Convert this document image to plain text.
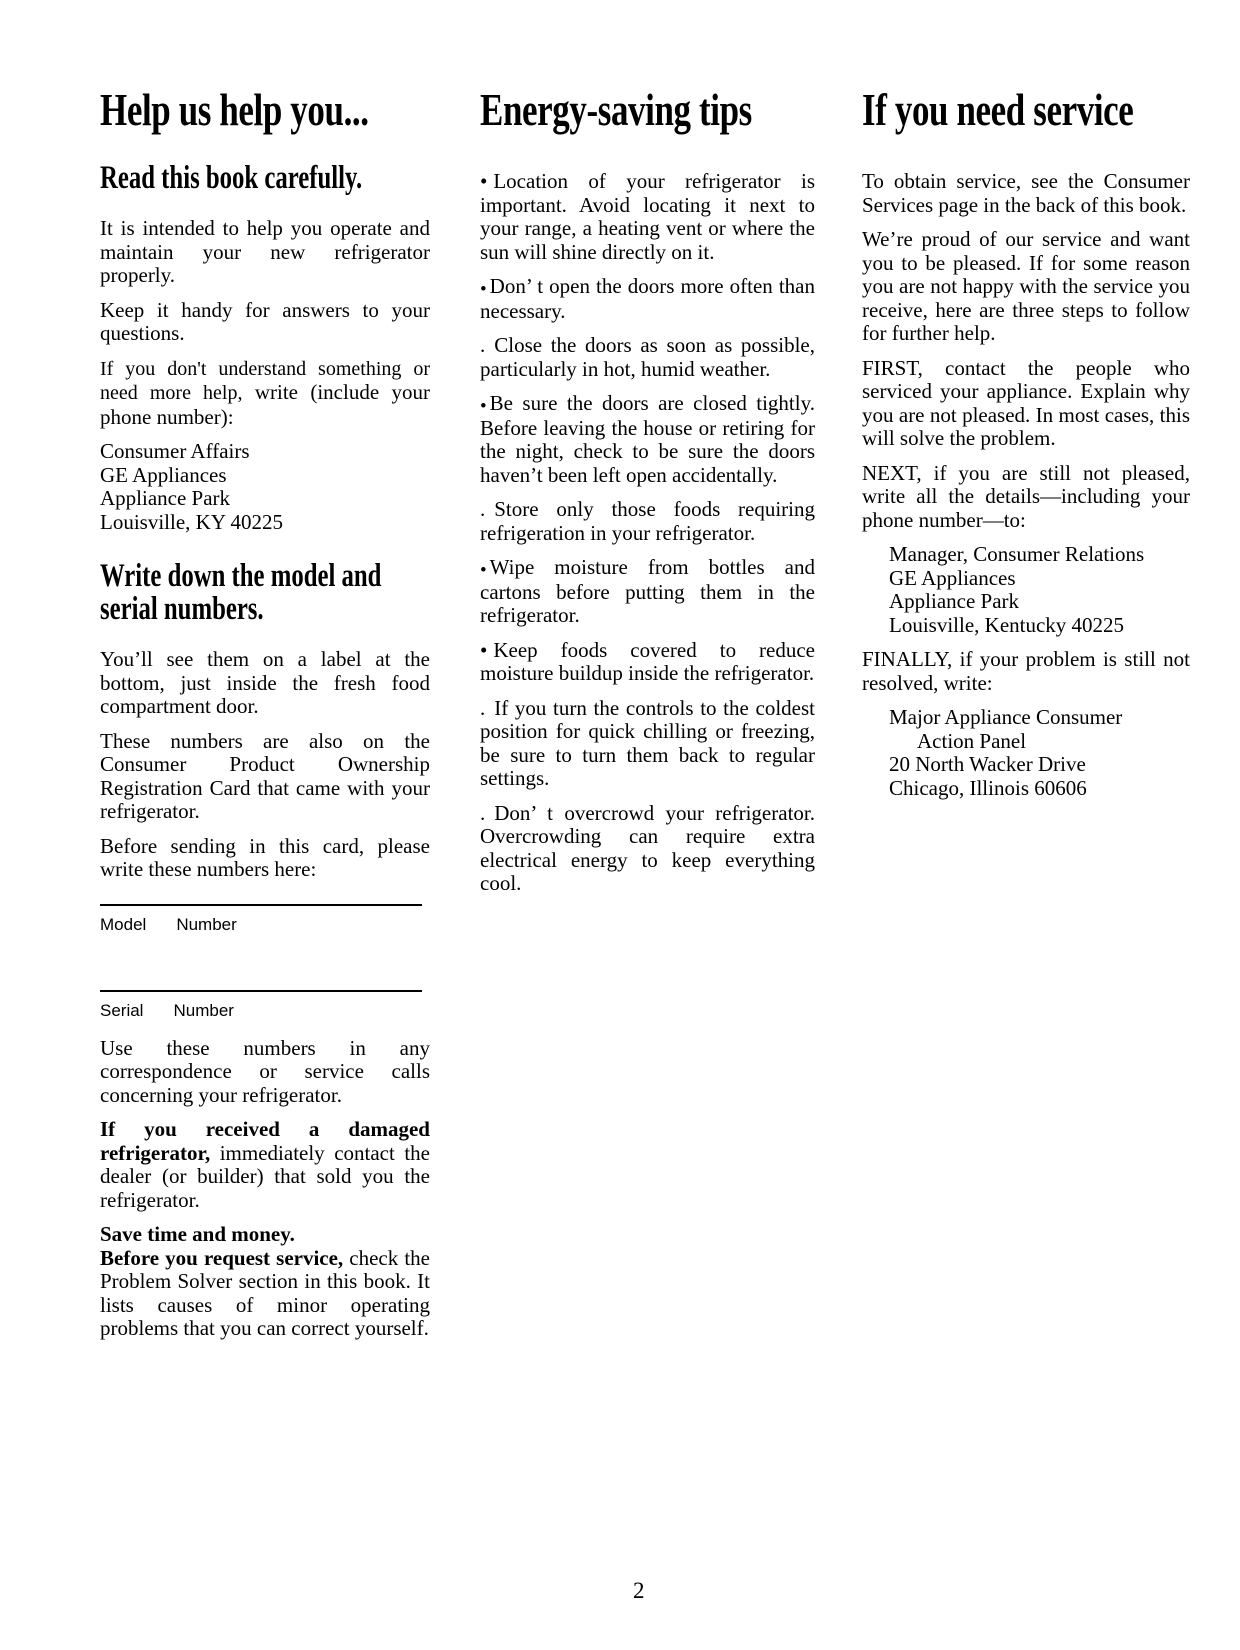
Help us help you...
Read this book carefully.

It is intended to help you operate and maintain your new refrigerator properly.

Keep it handy for answers to your questions.

If you don't understand something or need more help, write (include your phone number):

Consumer Affairs
GE Appliances
Appliance Park
Louisville, KY 40225
Write down the model and serial numbers.

You’ll see them on a label at the bottom, just inside the fresh food compartment door.

These numbers are also on the Consumer Product Ownership Registration Card that came with your refrigerator.

Before sending in this card, please write these numbers here:

Model Number
Serial Number

Use these numbers in any correspondence or service calls concerning your refrigerator.

If you received a damaged refrigerator, immediately contact the dealer (or builder) that sold you the refrigerator.

Save time and money.
Before you request service, check the Problem Solver section in this book. It lists causes of minor operating problems that you can correct yourself.

Energy-saving tips

• Location of your refrigerator is important. Avoid locating it next to your range, a heating vent or where the sun will shine directly on it.

• Don’ t open the doors more often than necessary.

. Close the doors as soon as possible, particularly in hot, humid weather.

• Be sure the doors are closed tightly. Before leaving the house or retiring for the night, check to be sure the doors haven’t been left open accidentally.

. Store only those foods requiring refrigeration in your refrigerator.

• Wipe moisture from bottles and cartons before putting them in the refrigerator.

• Keep foods covered to reduce moisture buildup inside the refrigerator.

. If you turn the controls to the coldest position for quick chilling or freezing, be sure to turn them back to regular settings.

. Don’ t overcrowd your refrigerator. Overcrowding can require extra electrical energy to keep everything cool.

If you need service

To obtain service, see the Consumer Services page in the back of this book.

We’re proud of our service and want you to be pleased. If for some reason you are not happy with the service you receive, here are three steps to follow for further help.

FIRST, contact the people who serviced your appliance. Explain why you are not pleased. In most cases, this will solve the problem.

NEXT, if you are still not pleased, write all the details—including your phone number—to:

Manager, Consumer Relations
GE Appliances
Appliance Park
Louisville, Kentucky 40225

FINALLY, if your problem is still not resolved, write:

Major Appliance Consumer
Action Panel
20 North Wacker Drive
Chicago, Illinois 60606
2
